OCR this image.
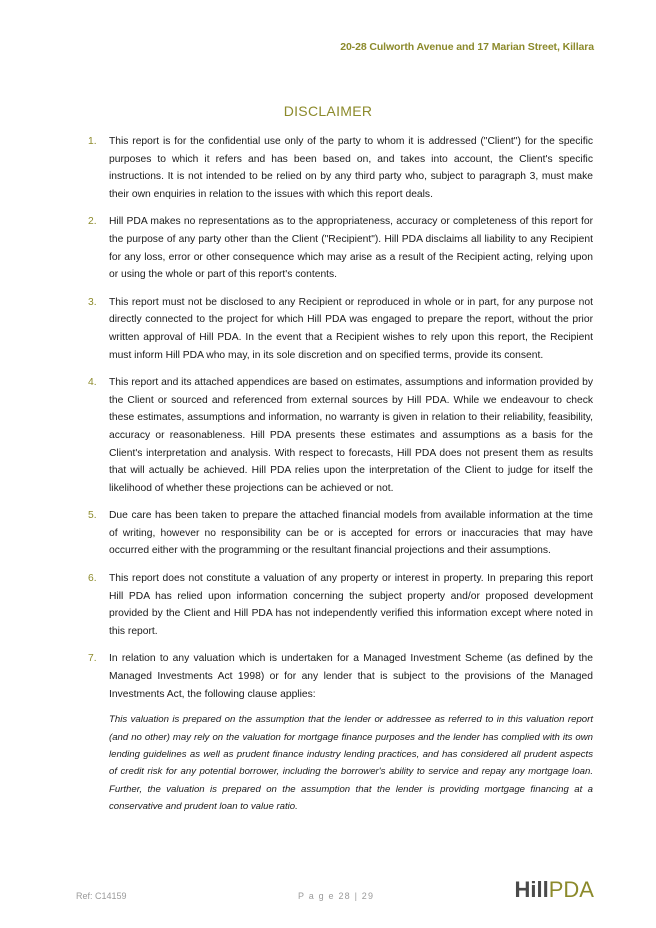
20-28 Culworth Avenue and 17 Marian Street, Killara
DISCLAIMER
1. This report is for the confidential use only of the party to whom it is addressed ("Client") for the specific purposes to which it refers and has been based on, and takes into account, the Client's specific instructions. It is not intended to be relied on by any third party who, subject to paragraph 3, must make their own enquiries in relation to the issues with which this report deals.
2. Hill PDA makes no representations as to the appropriateness, accuracy or completeness of this report for the purpose of any party other than the Client ("Recipient"). Hill PDA disclaims all liability to any Recipient for any loss, error or other consequence which may arise as a result of the Recipient acting, relying upon or using the whole or part of this report's contents.
3. This report must not be disclosed to any Recipient or reproduced in whole or in part, for any purpose not directly connected to the project for which Hill PDA was engaged to prepare the report, without the prior written approval of Hill PDA. In the event that a Recipient wishes to rely upon this report, the Recipient must inform Hill PDA who may, in its sole discretion and on specified terms, provide its consent.
4. This report and its attached appendices are based on estimates, assumptions and information provided by the Client or sourced and referenced from external sources by Hill PDA. While we endeavour to check these estimates, assumptions and information, no warranty is given in relation to their reliability, feasibility, accuracy or reasonableness. Hill PDA presents these estimates and assumptions as a basis for the Client's interpretation and analysis. With respect to forecasts, Hill PDA does not present them as results that will actually be achieved. Hill PDA relies upon the interpretation of the Client to judge for itself the likelihood of whether these projections can be achieved or not.
5. Due care has been taken to prepare the attached financial models from available information at the time of writing, however no responsibility can be or is accepted for errors or inaccuracies that may have occurred either with the programming or the resultant financial projections and their assumptions.
6. This report does not constitute a valuation of any property or interest in property. In preparing this report Hill PDA has relied upon information concerning the subject property and/or proposed development provided by the Client and Hill PDA has not independently verified this information except where noted in this report.
7. In relation to any valuation which is undertaken for a Managed Investment Scheme (as defined by the Managed Investments Act 1998) or for any lender that is subject to the provisions of the Managed Investments Act, the following clause applies:
This valuation is prepared on the assumption that the lender or addressee as referred to in this valuation report (and no other) may rely on the valuation for mortgage finance purposes and the lender has complied with its own lending guidelines as well as prudent finance industry lending practices, and has considered all prudent aspects of credit risk for any potential borrower, including the borrower's ability to service and repay any mortgage loan. Further, the valuation is prepared on the assumption that the lender is providing mortgage financing at a conservative and prudent loan to value ratio.
Ref: C14159	P a g e 28 | 29	HillPDA
